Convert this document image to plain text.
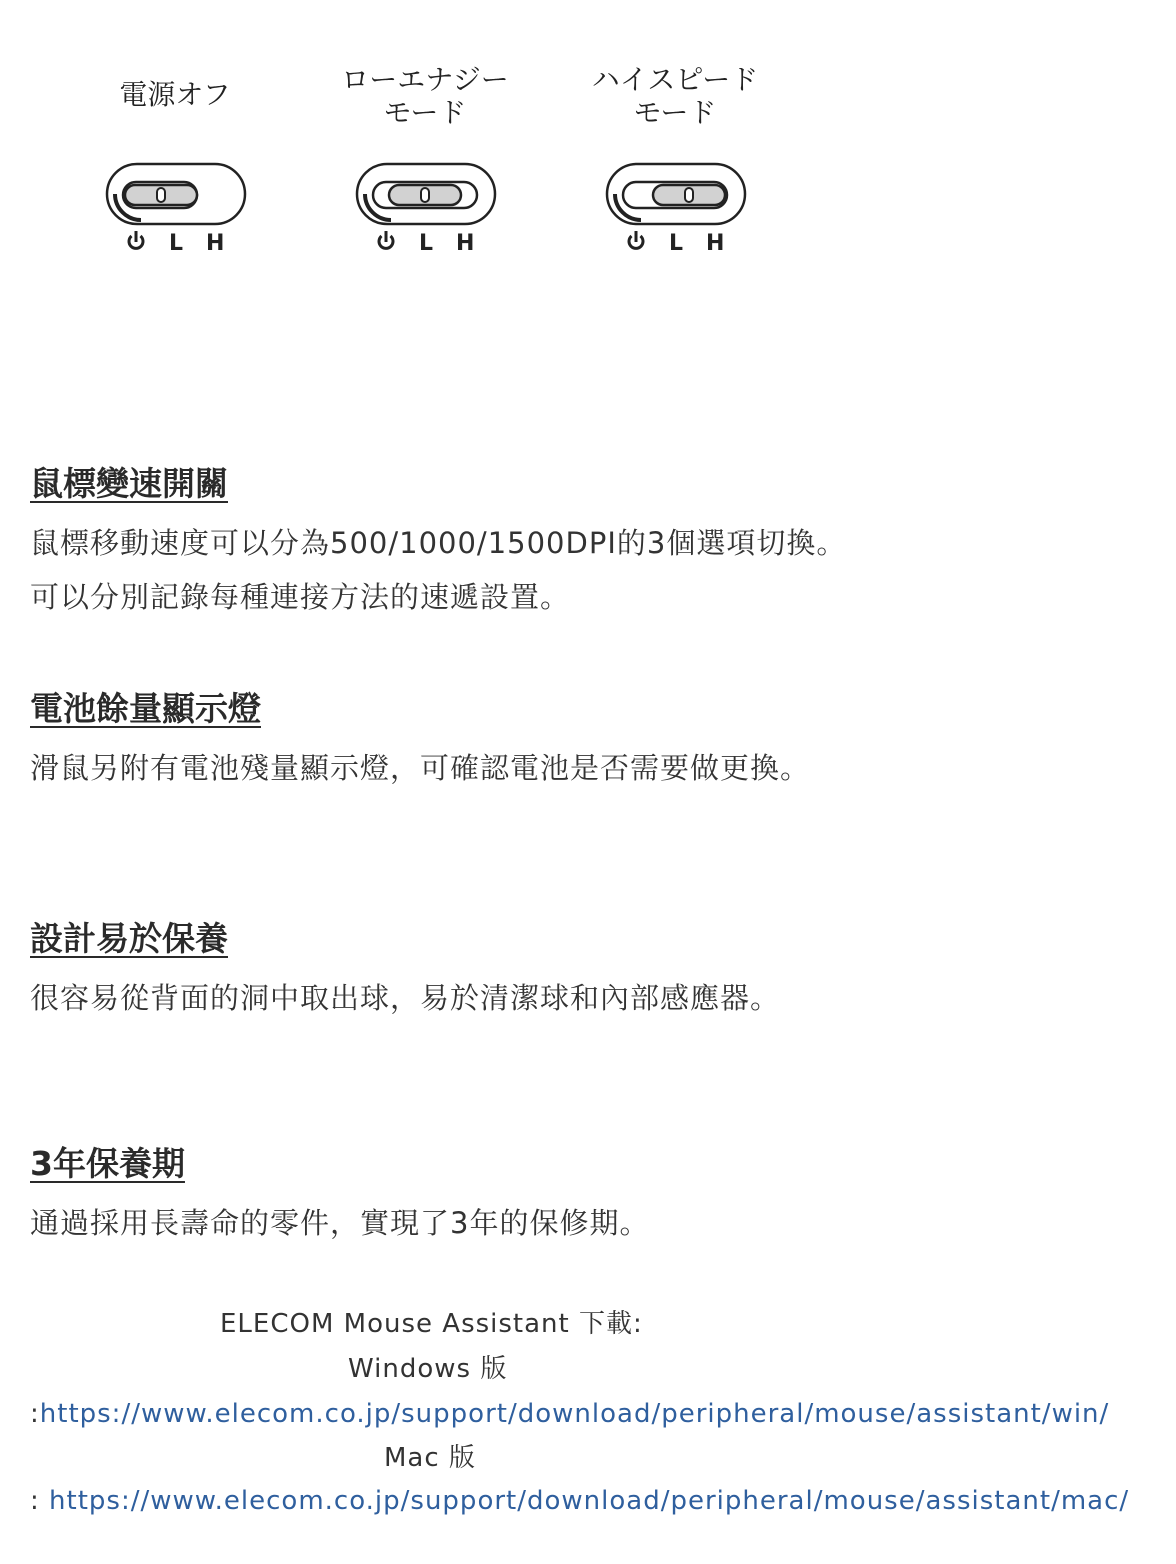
電源オフ
L H
ローエナジー
モード
L H
ハイスピード
モード
L H
鼠標變速開關

鼠標移動速度可以分為500/1000/1500DPI的3個選項切換。可以分別記錄每種連接方法的速遞設置。

電池餘量顯示燈

滑鼠另附有電池殘量顯示燈，可確認電池是否需要做更換。

設計易於保養

很容易從背面的洞中取出球，易於清潔球和內部感應器。

3年保養期

通過採用長壽命的零件，實現了3年的保修期。

ELECOM Mouse Assistant 下載:
Windows 版
:https://www.elecom.co.jp/support/download/peripheral/mouse/assistant/win/
Mac 版
: https://www.elecom.co.jp/support/download/peripheral/mouse/assistant/mac/
